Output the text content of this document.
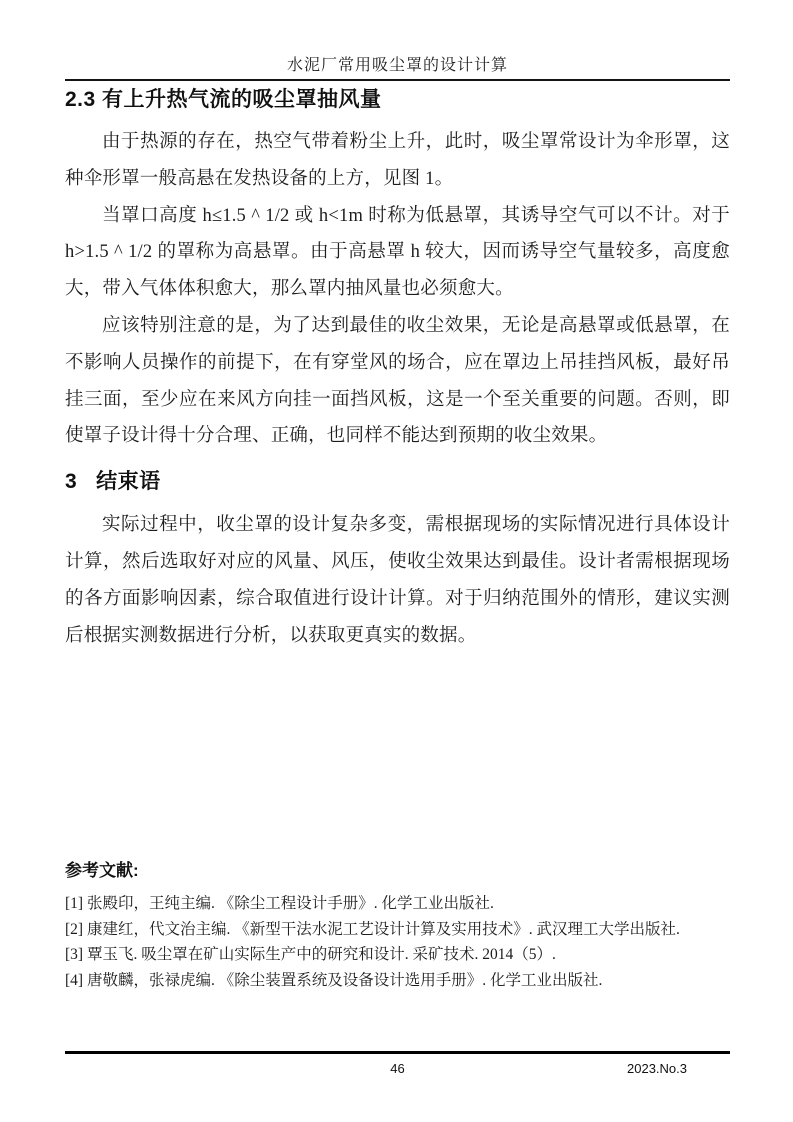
水泥厂常用吸尘罩的设计计算
2.3 有上升热气流的吸尘罩抽风量

由于热源的存在，热空气带着粉尘上升，此时，吸尘罩常设计为伞形罩，这种伞形罩一般高悬在发热设备的上方，见图 1。

当罩口高度 h≤1.5 ^ 1/2 或 h<1m 时称为低悬罩，其诱导空气可以不计。对于 h>1.5 ^ 1/2 的罩称为高悬罩。由于高悬罩 h 较大，因而诱导空气量较多，高度愈大，带入气体体积愈大，那么罩内抽风量也必须愈大。

应该特别注意的是，为了达到最佳的收尘效果，无论是高悬罩或低悬罩，在不影响人员操作的前提下，在有穿堂风的场合，应在罩边上吊挂挡风板，最好吊挂三面，至少应在来风方向挂一面挡风板，这是一个至关重要的问题。否则，即使罩子设计得十分合理、正确，也同样不能达到预期的收尘效果。

3 结束语

实际过程中，收尘罩的设计复杂多变，需根据现场的实际情况进行具体设计计算，然后选取好对应的风量、风压，使收尘效果达到最佳。设计者需根据现场的各方面影响因素，综合取值进行设计计算。对于归纳范围外的情形，建议实测后根据实测数据进行分析，以获取更真实的数据。

参考文献:
[1] 张殿印，王纯主编. 《除尘工程设计手册》. 化学工业出版社.
[2] 康建红，代文治主编. 《新型干法水泥工艺设计计算及实用技术》. 武汉理工大学出版社.
[3] 覃玉飞. 吸尘罩在矿山实际生产中的研究和设计. 采矿技术. 2014（5）.
[4] 唐敬麟，张禄虎编. 《除尘装置系统及设备设计选用手册》. 化学工业出版社.
46	2023.No.3
